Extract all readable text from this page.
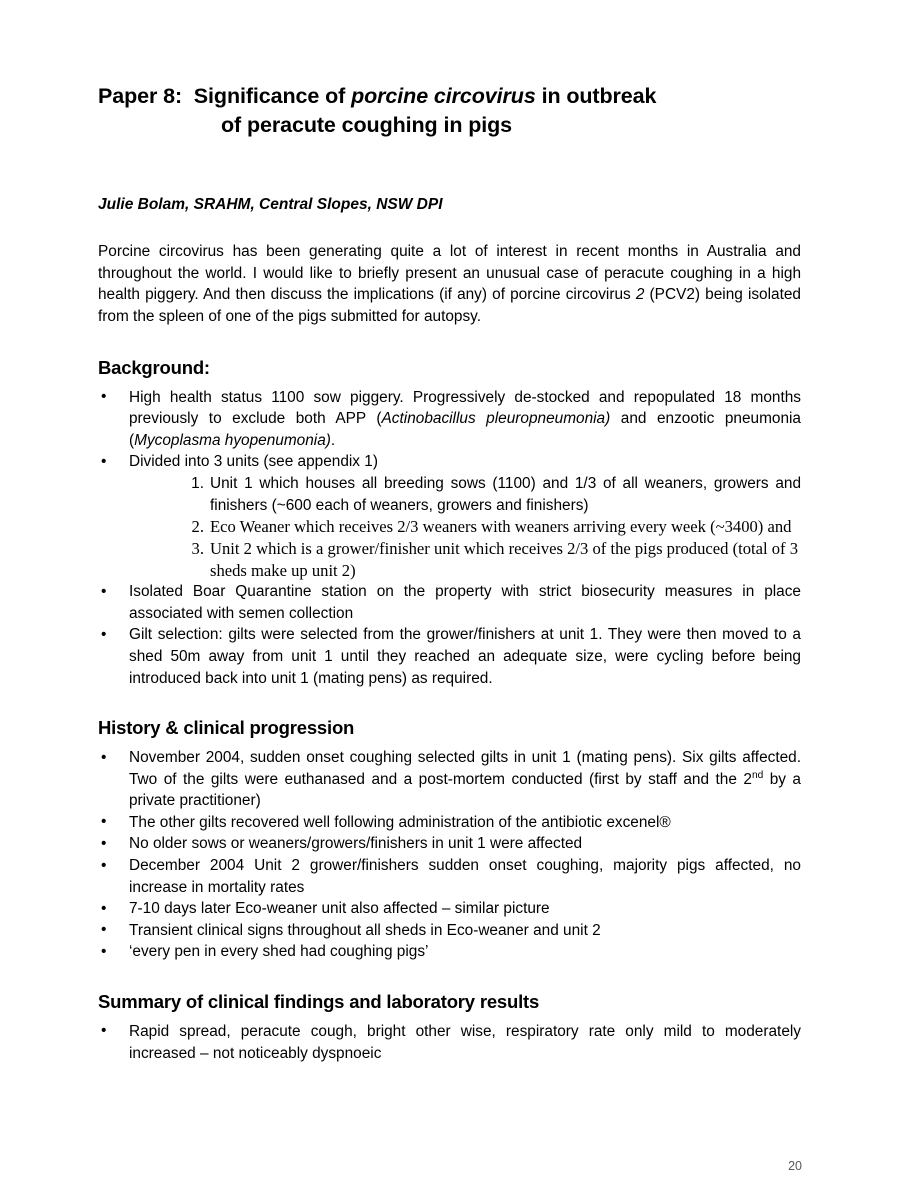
Paper 8: Significance of porcine circovirus in outbreak
of peracute coughing in pigs

Julie Bolam, SRAHM, Central Slopes, NSW DPI

Porcine circovirus has been generating quite a lot of interest in recent months in Australia and throughout the world. I would like to briefly present an unusual case of peracute coughing in a high health piggery. And then discuss the implications (if any) of porcine circovirus 2 (PCV2) being isolated from the spleen of one of the pigs submitted for autopsy.

Background:
• High health status 1100 sow piggery. Progressively de-stocked and repopulated 18 months previously to exclude both APP (Actinobacillus pleuropneumonia) and enzootic pneumonia (Mycoplasma hyopenumonia).
• Divided into 3 units (see appendix 1)
1. Unit 1 which houses all breeding sows (1100) and 1/3 of all weaners, growers and finishers (~600 each of weaners, growers and finishers)
2. Eco Weaner which receives 2/3 weaners with weaners arriving every week (~3400) and
3. Unit 2 which is a grower/finisher unit which receives 2/3 of the pigs produced (total of 3 sheds make up unit 2)
• Isolated Boar Quarantine station on the property with strict biosecurity measures in place associated with semen collection
• Gilt selection: gilts were selected from the grower/finishers at unit 1. They were then moved to a shed 50m away from unit 1 until they reached an adequate size, were cycling before being introduced back into unit 1 (mating pens) as required.
History & clinical progression
• November 2004, sudden onset coughing selected gilts in unit 1 (mating pens). Six gilts affected. Two of the gilts were euthanased and a post-mortem conducted (first by staff and the 2nd by a private practitioner)
• The other gilts recovered well following administration of the antibiotic excenel®
• No older sows or weaners/growers/finishers in unit 1 were affected
• December 2004 Unit 2 grower/finishers sudden onset coughing, majority pigs affected, no increase in mortality rates
• 7-10 days later Eco-weaner unit also affected – similar picture
• Transient clinical signs throughout all sheds in Eco-weaner and unit 2
• ‘every pen in every shed had coughing pigs’
Summary of clinical findings and laboratory results
• Rapid spread, peracute cough, bright other wise, respiratory rate only mild to moderately increased – not noticeably dyspnoeic
20
